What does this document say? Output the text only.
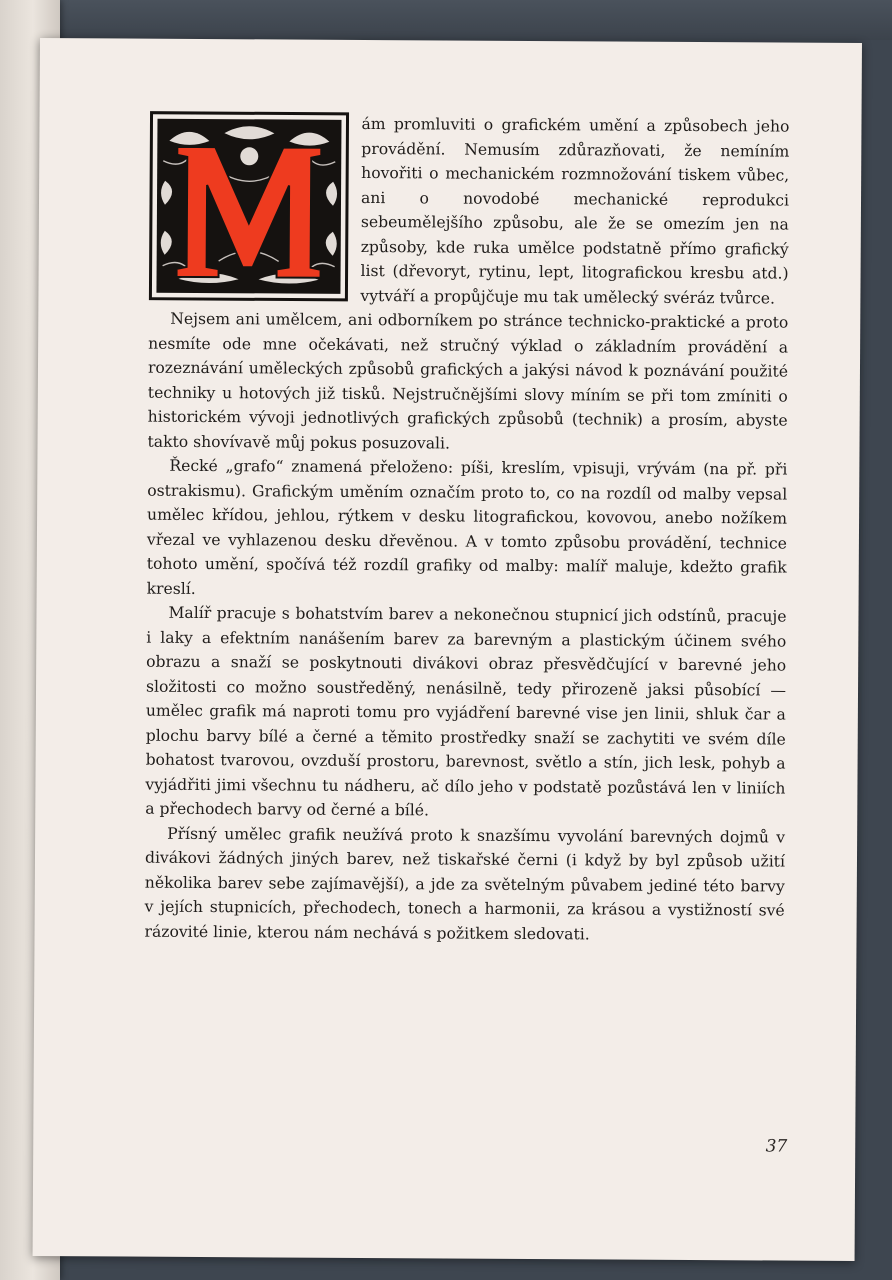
ám promluviti o grafickém umění a způsobech jeho provádění. Nemusím zdůrazňovati, že nemíním hovořiti o mechanickém rozmnožování tiskem vůbec, ani o novodobé mechanické reprodukci sebeumělejšího způsobu, ale že se omezím jen na způsoby, kde ruka umělce podstatně přímo grafický list (dřevoryt, rytinu, lept, litografickou kresbu atd.) vytváří a propůjčuje mu tak umělecký svéráz tvůrce.

Nejsem ani umělcem, ani odborníkem po stránce technicko-praktické a proto nesmíte ode mne očekávati, než stručný výklad o základním provádění a rozeznávání uměleckých způsobů grafických a jakýsi návod k poznávání použité techniky u hotových již tisků. Nejstručnějšími slovy míním se při tom zmíniti o historickém vývoji jednotlivých grafických způsobů (technik) a prosím, abyste takto shovívavě můj pokus posuzovali.

Řecké „grafo“ znamená přeloženo: píši, kreslím, vpisuji, vrývám (na př. při ostrakismu). Grafickým uměním označím proto to, co na rozdíl od malby vepsal umělec křídou, jehlou, rýtkem v desku litografickou, kovovou, anebo nožíkem vřezal ve vyhlazenou desku dřevěnou. A v tomto způsobu provádění, technice tohoto umění, spočívá též rozdíl grafiky od malby: malíř maluje, kdežto grafik kreslí.

Malíř pracuje s bohatstvím barev a nekonečnou stupnicí jich odstínů, pracuje i laky a efektním nanášením barev za barevným a plastickým účinem svého obrazu a snaží se poskytnouti divákovi obraz přesvědčující v barevné jeho složitosti co možno soustředěný, nenásilně, tedy přirozeně jaksi působící — umělec grafik má naproti tomu pro vyjádření barevné vise jen linii, shluk čar a plochu barvy bílé a černé a těmito prostředky snaží se zachytiti ve svém díle bohatost tvarovou, ovzduší prostoru, barevnost, světlo a stín, jich lesk, pohyb a vyjádřiti jimi všechnu tu nádheru, ač dílo jeho v podstatě pozůstává len v liniích a přechodech barvy od černé a bílé.

Přísný umělec grafik neužívá proto k snazšímu vyvolání barevných dojmů v divákovi žádných jiných barev, než tiskařské černi (i když by byl způsob užití několika barev sebe zajímavější), a jde za světelným půvabem jediné této barvy v jejích stupnicích, přechodech, tonech a harmonii, za krásou a vystižností své rázovité linie, kterou nám nechává s požitkem sledovati.

37
